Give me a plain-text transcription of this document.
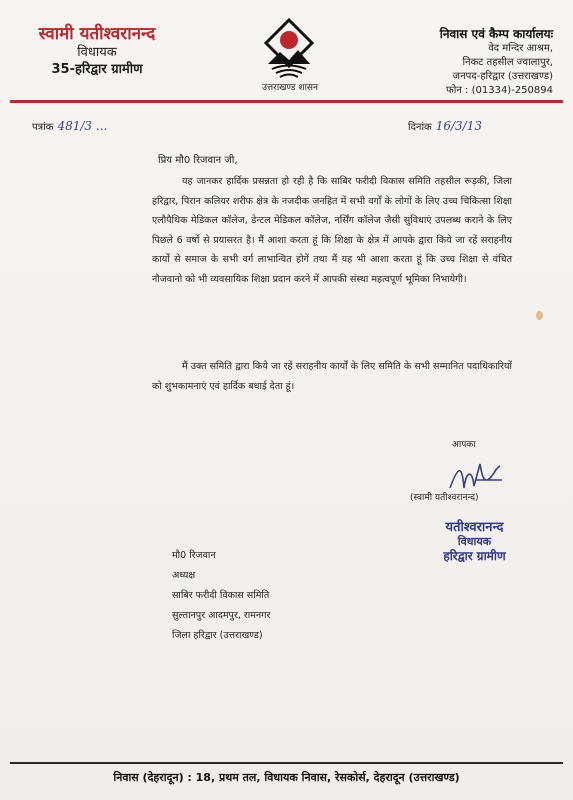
स्वामी यतीश्वरानन्द
विधायक
35-हरिद्वार ग्रामीण
उत्तराखण्ड शासन
निवास एवं कैम्प कार्यालयः
वेद मन्दिर आश्रम,
निकट तहसील ज्वालापुर,
जनपद-हरिद्वार (उत्तराखण्ड)
फोन : (01334)-250894
पत्रांक 481/3 ...	दिनांक 16/3/13
प्रिय मौ0 रिजवान जी,

यह जानकर हार्दिक प्रसन्नता हो रही है कि साबिर फरीदी विकास समिति तहसील रूड़की, जिला हरिद्वार, पिरान कलियर शरीफ क्षेत्र के नजदीक जनहित में सभी वर्गों के लोगों के लिए उच्च चिकित्सा शिक्षा एलौपैथिक मेडिकल कॉलेज, डेन्टल मेडिकल कॉलेज, नर्सिंग कॉलेज जैसी सुविधाएं उपलब्ध कराने के लिए पिछले 6 वर्षो से प्रयासरत है। मैं आशा करता हूं कि शिक्षा के क्षेत्र में आपके द्वारा किये जा रहें सराहनीय कार्यो से समाज के सभी वर्ग लाभान्वित होगें तथा मैं यह भी आशा करता हूं कि उच्च शिक्षा से वंचित नौजवानो को भी व्यवसायिक शिक्षा प्रदान करने में आपकी संस्था महत्वपूर्ण भूमिका निभायेगी।

मैं उक्त समिति द्वारा किये जा रहें सराहनीय कार्यों के लिए समिति के सभी सम्मानित पदाधिकारियों को शुभकामनाएं एवं हार्दिक बधाई देता हूं।

आपका
(स्वामी यतीश्वरानन्द)
यतीश्वरानन्द
विधायक
हरिद्वार ग्रामीण
मौ0 रिजवान
अध्यक्ष
साबिर फरीदी विकास समिति
सुल्तानपुर आदमपुर, रामनगर
जिला हरिद्वार (उत्तराखण्ड)
निवास (देहरादून) : 18, प्रथम तल, विधायक निवास, रेसकोर्स, देहरादून (उत्तराखण्ड)
